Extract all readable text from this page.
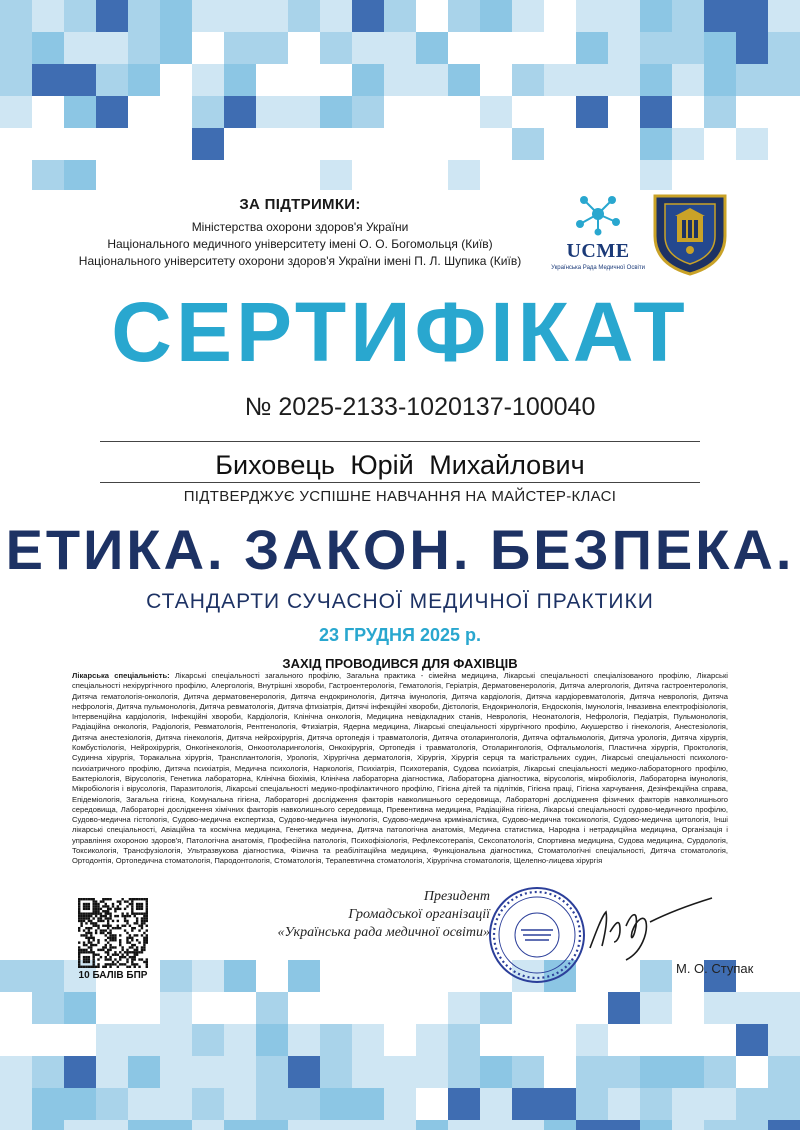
ЗА ПІДТРИМКИ:
Міністерства охорони здоров'я України
Національного медичного університету імені О. О. Богомольця (Київ)
Національного університету охорони здоров'я України імені П. Л. Шупика (Київ)	UCME
Українська Рада Медичної Освіти
СЕРТИФІКАТ
№ 2025-2133-1020137-100040
Биховець Юрій Михайлович
ПІДТВЕРДЖУЄ УСПІШНЕ НАВЧАННЯ НА МАЙСТЕР-КЛАСІ
ЕТИКА. ЗАКОН. БЕЗПЕКА.
СТАНДАРТИ СУЧАСНОЇ МЕДИЧНОЇ ПРАКТИКИ
23 ГРУДНЯ 2025 р.
ЗАХІД ПРОВОДИВСЯ ДЛЯ ФАХІВЦІВ
Лікарська спеціальність: Лікарські спеціальності загального профілю, Загальна практика - сімейна медицина, Лікарські спеціальності спеціалізованого профілю, Лікарські спеціальності нехірургічного профілю, Алергологія, Внутрішні хвороби, Гастроентерологія, Гематологія, Геріатрія, Дерматовенерологія, Дитяча алергологія, Дитяча гастроентерологія, Дитяча гематологія-онкологія, Дитяча дерматовенерологія, Дитяча ендокринологія, Дитяча імунологія, Дитяча кардіологія, Дитяча кардіоревматологія, Дитяча неврологія, Дитяча нефрологія, Дитяча пульмонологія, Дитяча ревматологія, Дитяча фтизіатрія, Дитячі інфекційні хвороби, Дієтологія, Ендокринологія, Ендоскопія, Імунологія, Інвазивна електрофізіологія, Інтервенційна кардіологія, Інфекційні хвороби, Кардіологія, Клінічна онкологія, Медицина невідкладних станів, Неврологія, Неонатологія, Нефрологія, Педіатрія, Пульмонологія, Радіаційна онкологія, Радіологія, Ревматологія, Рентгенологія, Фтизіатрія, Ядерна медицина, Лікарські спеціальності хірургічного профілю, Акушерство і гінекологія, Анестезіологія, Дитяча анестезіологія, Дитяча гінекологія, Дитяча нейрохірургія, Дитяча ортопедія і травматологія, Дитяча отоларингологія, Дитяча офтальмологія, Дитяча урологія, Дитяча хірургія, Комбустіологія, Нейрохірургія, Онкогінекологія, Онкоотоларингологія, Онкохірургія, Ортопедія і травматологія, Отоларингологія, Офтальмологія, Пластична хірургія, Проктологія, Судинна хірургія, Торакальна хірургія, Трансплантологія, Урологія, Хірургічна дерматологія, Хірургія, Хірургія серця та магістральних судин, Лікарські спеціальності психолого-психіатричного профілю, Дитяча психіатрія, Медична психологія, Наркологія, Психіатрія, Психотерапія, Судова психіатрія, Лікарські спеціальності медико-лабораторного профілю, Бактеріологія, Вірусологія, Генетика лабораторна, Клінічна біохімія, Клінічна лабораторна діагностика, Лабораторна діагностика, вірусологія, мікробіологія, Лабораторна імунологія, Мікробіологія і вірусологія, Паразитологія, Лікарські спеціальності медико-профілактичного профілю, Гігієна дітей та підлітків, Гігієна праці, Гігієна харчування, Дезінфекційна справа, Епідеміологія, Загальна гігієна, Комунальна гігієна, Лабораторні дослідження факторів навколишнього середовища, Лабораторні дослідження фізичних факторів навколишнього середовища, Лабораторні дослідження хімічних факторів навколишнього середовища, Превентивна медицина, Радіаційна гігієна, Лікарські спеціальності судово-медичного профілю, Судово-медична гістологія, Судово-медична експертиза, Судово-медична імунологія, Судово-медична криміналістика, Судово-медична токсикологія, Судово-медична цитологія, Інші лікарські спеціальності, Авіаційна та космічна медицина, Генетика медична, Дитяча патологічна анатомія, Медична статистика, Народна і нетрадиційна медицина, Організація і управління охороною здоров'я, Патологічна анатомія, Професійна патологія, Психофізіологія, Рефлексотерапія, Сексопатологія, Спортивна медицина, Судова медицина, Сурдологія, Токсикологія, Трансфузіологія, Ультразвукова діагностика, Фізична та реабілітаційна медицина, Функціональна діагностика, Стоматологічні спеціальності, Дитяча стоматологія, Ортодонтія, Ортопедична стоматологія, Пародонтологія, Стоматологія, Терапевтична стоматологія, Хірургічна стоматологія, Щелепно-лицева хірургія
10 БАЛІВ БПР
Президент
Громадської організації
«Українська рада медичної освіти»
М. О. Ступак
